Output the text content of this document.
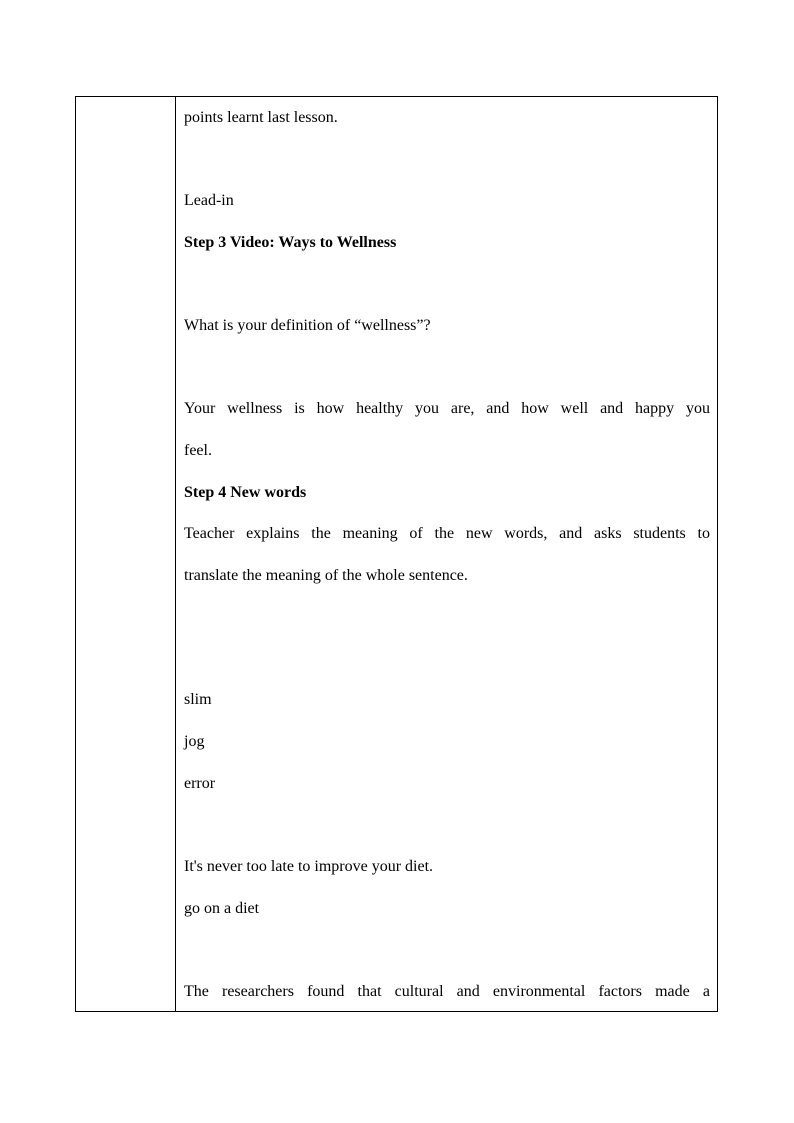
points learnt last lesson.
Lead-in
Step 3 Video: Ways to Wellness
What is your definition of “wellness”?
Your wellness is how healthy you are, and how well and happy you
feel.
Step 4 New words
Teacher explains the meaning of the new words, and asks students to
translate the meaning of the whole sentence.
slim
jog
error
It's never too late to improve your diet.
go on a diet
The researchers found that cultural and environmental factors made a
